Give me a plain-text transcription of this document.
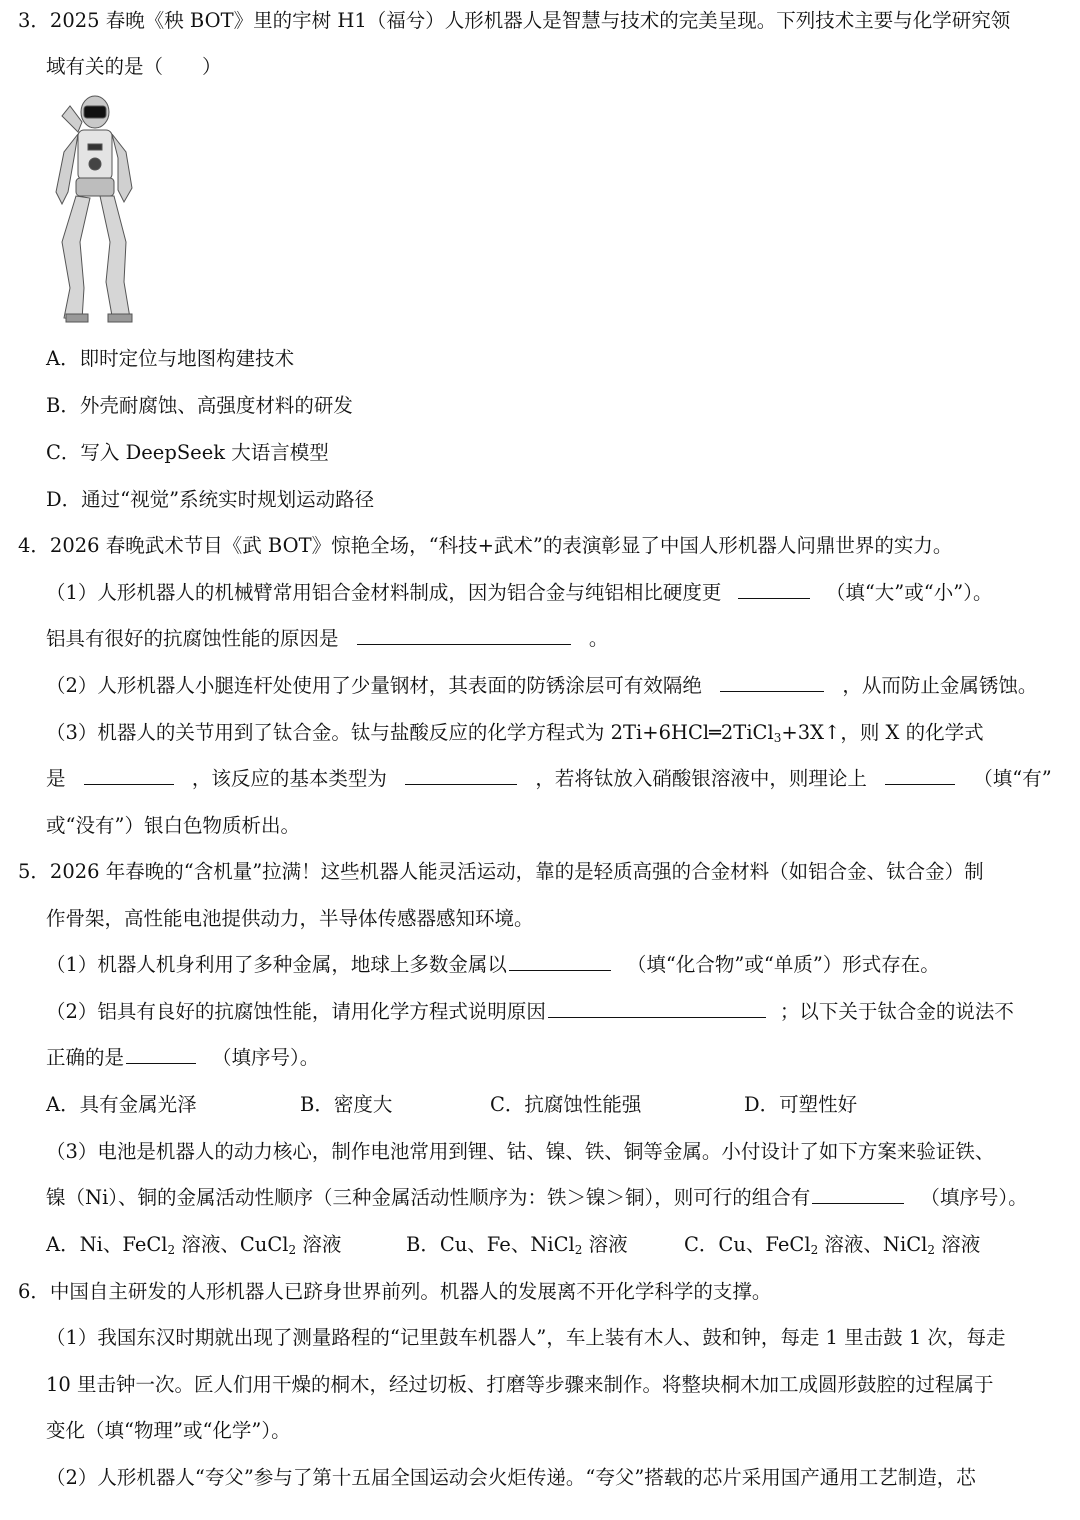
3．2025 春晚《秧 BOT》里的宇树 H1（福兮）人形机器人是智慧与技术的完美呈现。下列技术主要与化学研究领
域有关的是（　　）
A．即时定位与地图构建技术
B．外壳耐腐蚀、高强度材料的研发
C．写入 DeepSeek 大语言模型
D．通过“视觉”系统实时规划运动路径
4．2026 春晚武术节目《武 BOT》惊艳全场，“科技+武术”的表演彰显了中国人形机器人问鼎世界的实力。
（1）人形机器人的机械臂常用铝合金材料制成，因为铝合金与纯铝相比硬度更	（填“大”或“小”）。
铝具有很好的抗腐蚀性能的原因是	。
（2）人形机器人小腿连杆处使用了少量钢材，其表面的防锈涂层可有效隔绝	，从而防止金属锈蚀。
（3）机器人的关节用到了钛合金。钛与盐酸反应的化学方程式为 2Ti+6HCl═2TiCl$_3$+3X↑，则 X 的化学式
是	，该反应的基本类型为	，若将钛放入硝酸银溶液中，则理论上	（填“有”
或“没有”）银白色物质析出。
5．2026 年春晚的“含机量”拉满！这些机器人能灵活运动，靠的是轻质高强的合金材料（如铝合金、钛合金）制
作骨架，高性能电池提供动力，半导体传感器感知环境。
（1）机器人机身利用了多种金属，地球上多数金属以	（填“化合物”或“单质”）形式存在。
（2）铝具有良好的抗腐蚀性能，请用化学方程式说明原因	；以下关于钛合金的说法不
正确的是	（填序号）。
A．具有金属光泽	B．密度大	C．抗腐蚀性能强	D．可塑性好
（3）电池是机器人的动力核心，制作电池常用到锂、钴、镍、铁、铜等金属。小付设计了如下方案来验证铁、
镍（Ni）、铜的金属活动性顺序（三种金属活动性顺序为：铁＞镍＞铜），则可行的组合有	（填序号）。
A．Ni、FeCl$_2$ 溶液、CuCl$_2$ 溶液	B．Cu、Fe、NiCl$_2$ 溶液	C．Cu、FeCl$_2$ 溶液、NiCl$_2$ 溶液
6．中国自主研发的人形机器人已跻身世界前列。机器人的发展离不开化学科学的支撑。
（1）我国东汉时期就出现了测量路程的“记里鼓车机器人”，车上装有木人、鼓和钟，每走 1 里击鼓 1 次，每走
10 里击钟一次。匠人们用干燥的桐木，经过切板、打磨等步骤来制作。将整块桐木加工成圆形鼓腔的过程属于
变化（填“物理”或“化学”）。
（2）人形机器人“夸父”参与了第十五届全国运动会火炬传递。“夸父”搭载的芯片采用国产通用工艺制造，芯
